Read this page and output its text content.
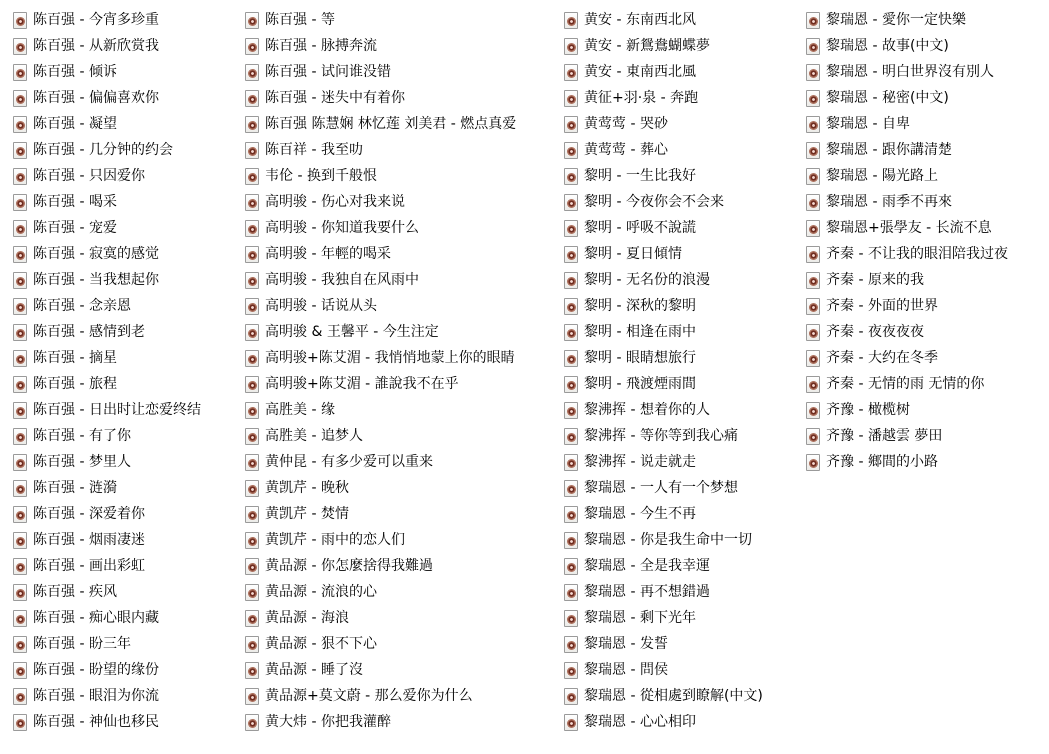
陈百强 - 今宵多珍重
陈百强 - 从新欣赏我
陈百强 - 倾诉
陈百强 - 偏偏喜欢你
陈百强 - 凝望
陈百强 - 几分钟的约会
陈百强 - 只因爱你
陈百强 - 喝采
陈百强 - 宠爱
陈百强 - 寂寞的感觉
陈百强 - 当我想起你
陈百强 - 念亲恩
陈百强 - 感情到老
陈百强 - 摘星
陈百强 - 旅程
陈百强 - 日出时让恋爱终结
陈百强 - 有了你
陈百强 - 梦里人
陈百强 - 涟漪
陈百强 - 深爱着你
陈百强 - 烟雨凄迷
陈百强 - 画出彩虹
陈百强 - 疾风
陈百强 - 痴心眼内藏
陈百强 - 盼三年
陈百强 - 盼望的缘份
陈百强 - 眼泪为你流
陈百强 - 神仙也移民
陈百强 - 等
陈百强 - 脉搏奔流
陈百强 - 试问谁没错
陈百强 - 迷失中有着你
陈百强 陈慧娴 林忆莲 刘美君 - 燃点真爱
陈百祥 - 我至叻
韦伦 - 换到千般恨
高明骏 - 伤心对我来说
高明骏 - 你知道我要什么
高明骏 - 年輕的喝采
高明骏 - 我独自在风雨中
高明骏 - 话说从头
高明骏 & 王馨平 - 今生注定
高明骏+陈艾湄 - 我悄悄地蒙上你的眼睛
高明骏+陈艾湄 - 誰說我不在乎
高胜美 - 缘
高胜美 - 追梦人
黄仲昆 - 有多少爱可以重来
黄凯芹 - 晚秋
黄凯芹 - 焚情
黄凯芹 - 雨中的恋人们
黄品源 - 你怎麼捨得我難過
黄品源 - 流浪的心
黄品源 - 海浪
黄品源 - 狠不下心
黄品源 - 睡了沒
黄品源+莫文蔚 - 那么爱你为什么
黄大炜 - 你把我灌醉
黄安 - 东南西北风
黄安 - 新鴛鴦蝴蝶夢
黄安 - 東南西北風
黄征+羽·泉 - 奔跑
黄莺莺 - 哭砂
黄莺莺 - 葬心
黎明 - 一生比我好
黎明 - 今夜你会不会来
黎明 - 呼吸不說謊
黎明 - 夏日傾情
黎明 - 无名份的浪漫
黎明 - 深秋的黎明
黎明 - 相逢在雨中
黎明 - 眼睛想旅行
黎明 - 飛渡煙雨間
黎沸挥 - 想着你的人
黎沸挥 - 等你等到我心痛
黎沸挥 - 说走就走
黎瑞恩 - 一人有一个梦想
黎瑞恩 - 今生不再
黎瑞恩 - 你是我生命中一切
黎瑞恩 - 全是我幸運
黎瑞恩 - 再不想錯過
黎瑞恩 - 剩下光年
黎瑞恩 - 发誓
黎瑞恩 - 問侯
黎瑞恩 - 從相處到瞭解(中文)
黎瑞恩 - 心心相印
黎瑞恩 - 愛你一定快樂
黎瑞恩 - 故事(中文)
黎瑞恩 - 明白世界沒有別人
黎瑞恩 - 秘密(中文)
黎瑞恩 - 自卑
黎瑞恩 - 跟你講清楚
黎瑞恩 - 陽光路上
黎瑞恩 - 雨季不再來
黎瑞恩+張學友 - 长流不息
齐秦 - 不让我的眼泪陪我过夜
齐秦 - 原来的我
齐秦 - 外面的世界
齐秦 - 夜夜夜夜
齐秦 - 大约在冬季
齐秦 - 无情的雨 无情的你
齐豫 - 橄榄树
齐豫 - 潘越雲 夢田
齐豫 - 鄉間的小路
